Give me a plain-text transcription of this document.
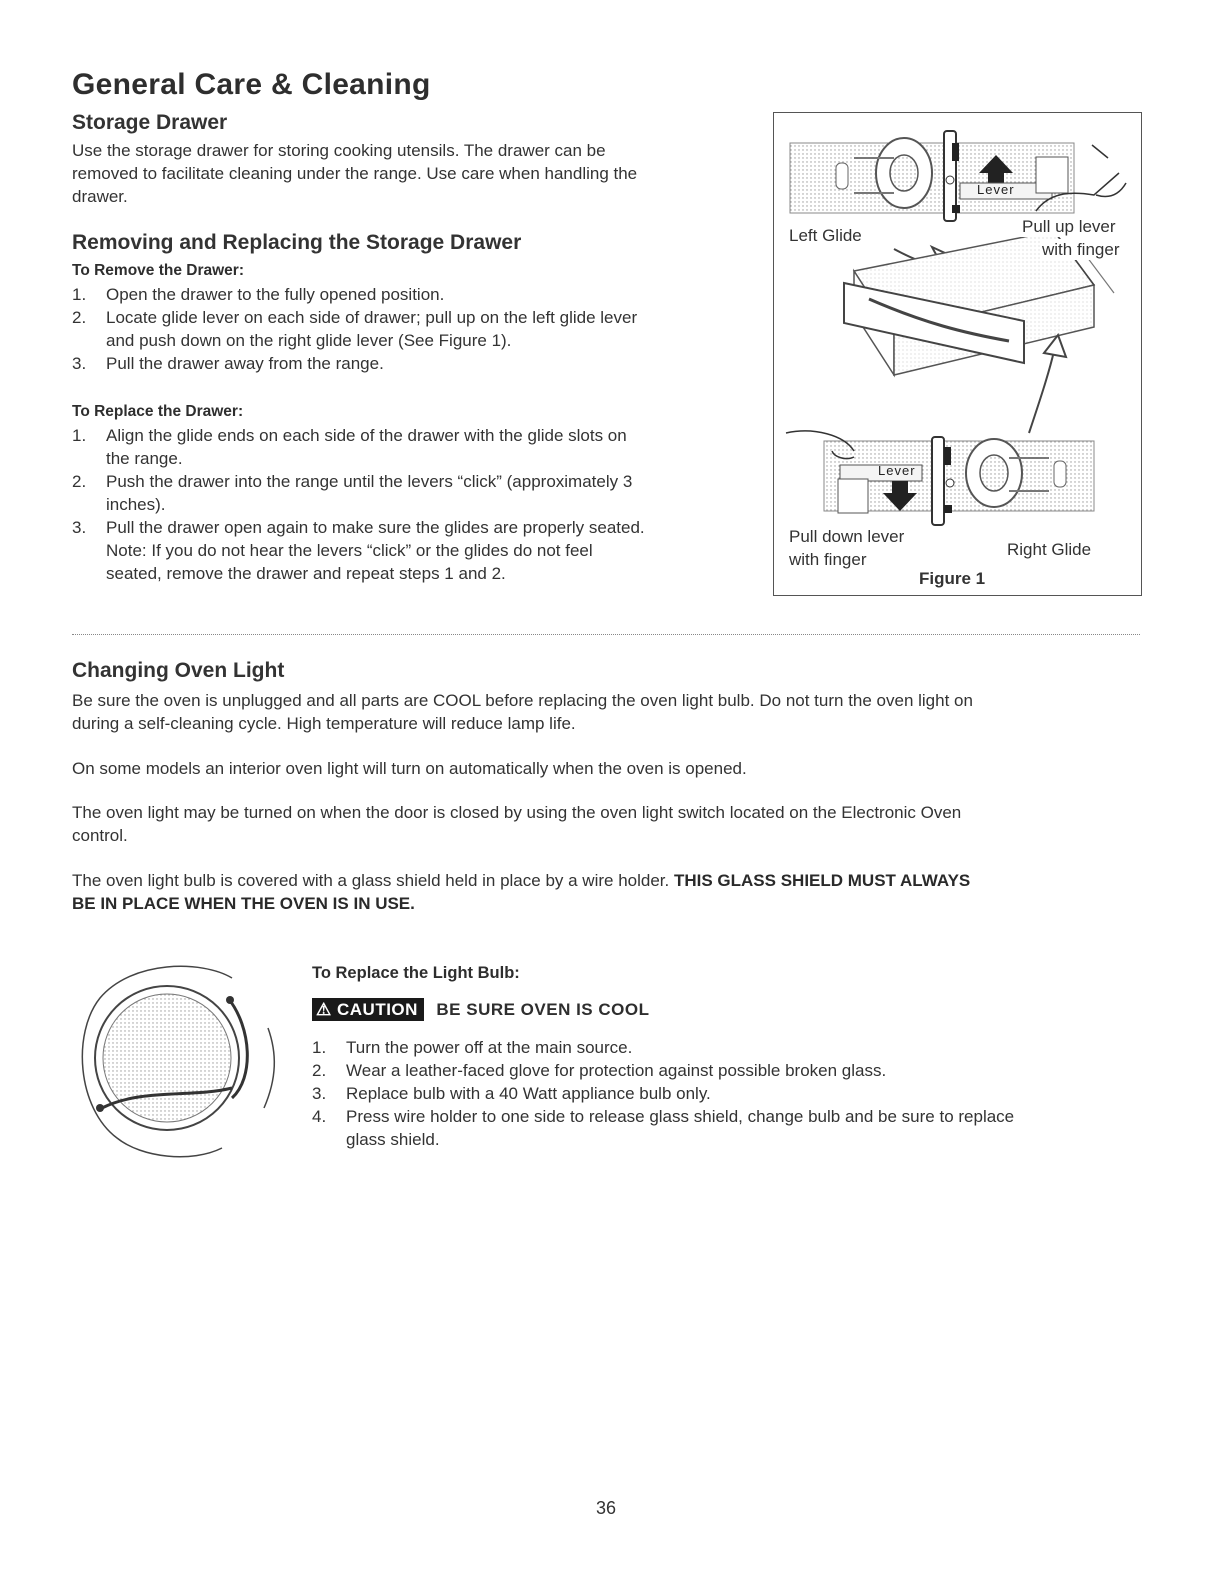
General Care & Cleaning
Storage Drawer
Use the storage drawer for storing cooking utensils. The drawer can be
removed to facilitate cleaning under the range. Use care when handling the
drawer.
Removing and Replacing the Storage Drawer
To Remove the Drawer:
1. Open the drawer to the fully opened position.
2. Locate glide lever on each side of drawer; pull up on the left glide lever
and push down on the right glide lever (See Figure 1).
3. Pull the drawer away from the range.
To Replace the Drawer:
1. Align the glide ends on each side of the drawer with the glide slots on
the range.
2. Push the drawer into the range until the levers “click” (approximately 3
inches).
3. Pull the drawer open again to make sure the glides are properly seated.
Note: If you do not hear the levers “click” or the glides do not feel
seated, remove the drawer and repeat steps 1 and 2.
Lever
Lever
Left Glide	Pull up lever
with finger
Pull down lever
with finger
Right Glide
Figure 1
Changing Oven Light
Be sure the oven is unplugged and all parts are COOL before replacing the oven light bulb. Do not turn the oven light on
during a self-cleaning cycle. High temperature will reduce lamp life.
On some models an interior oven light will turn on automatically when the oven is opened.
The oven light may be turned on when the door is closed by using the oven light switch located on the Electronic Oven
control.
The oven light bulb is covered with a glass shield held in place by a wire holder. THIS GLASS SHIELD MUST ALWAYS
BE IN PLACE WHEN THE OVEN IS IN USE.
To Replace the Light Bulb:
⚠ CAUTION BE SURE OVEN IS COOL
1. Turn the power off at the main source.
2. Wear a leather-faced glove for protection against possible broken glass.
3. Replace bulb with a 40 Watt appliance bulb only.
4. Press wire holder to one side to release glass shield, change bulb and be sure to replace
glass shield.
36
